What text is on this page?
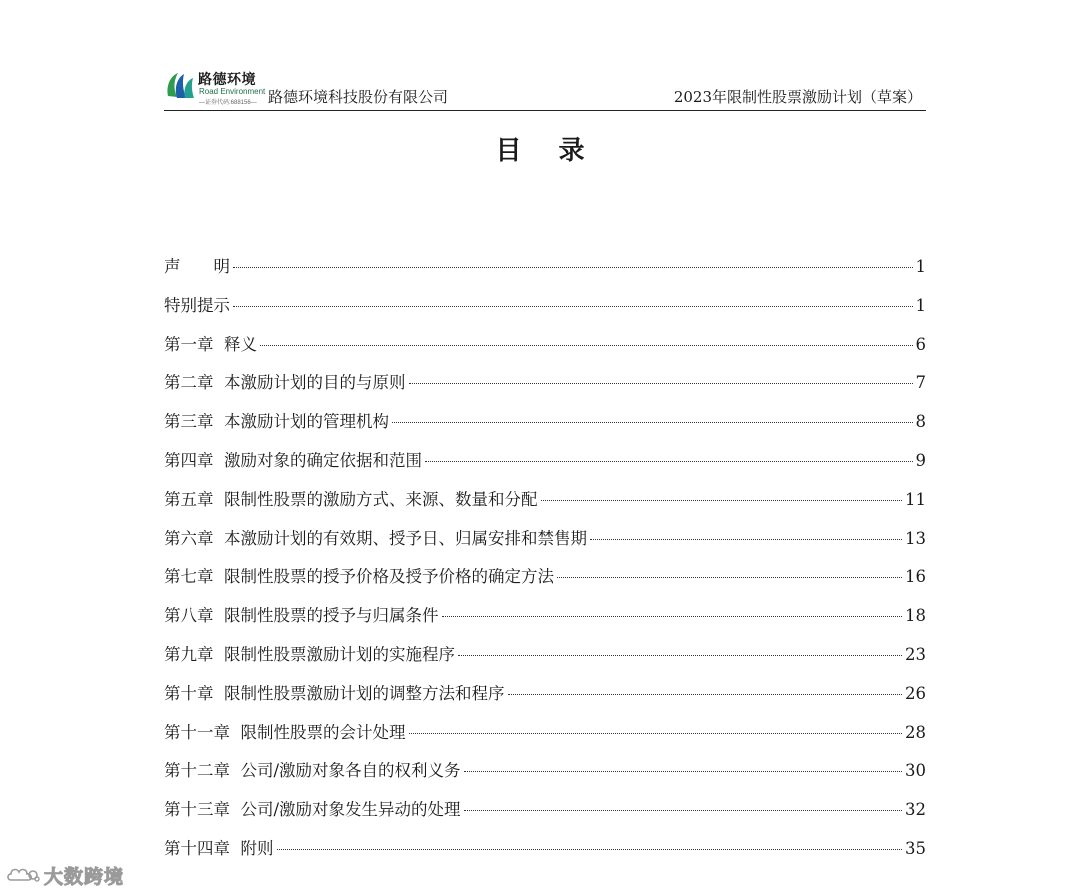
路德环境
Road Environment
—证券代码:688156— 路德环境科技股份有限公司	2023年限制性股票激励计划（草案）
目 录
声　　明	1
特别提示	1
第一章  释义	6
第二章  本激励计划的目的与原则	7
第三章  本激励计划的管理机构	8
第四章  激励对象的确定依据和范围	9
第五章  限制性股票的激励方式、来源、数量和分配	11
第六章  本激励计划的有效期、授予日、归属安排和禁售期	13
第七章  限制性股票的授予价格及授予价格的确定方法	16
第八章  限制性股票的授予与归属条件	18
第九章  限制性股票激励计划的实施程序	23
第十章  限制性股票激励计划的调整方法和程序	26
第十一章  限制性股票的会计处理	28
第十二章  公司/激励对象各自的权利义务	30
第十三章  公司/激励对象发生异动的处理	32
第十四章  附则	35
大数跨境
